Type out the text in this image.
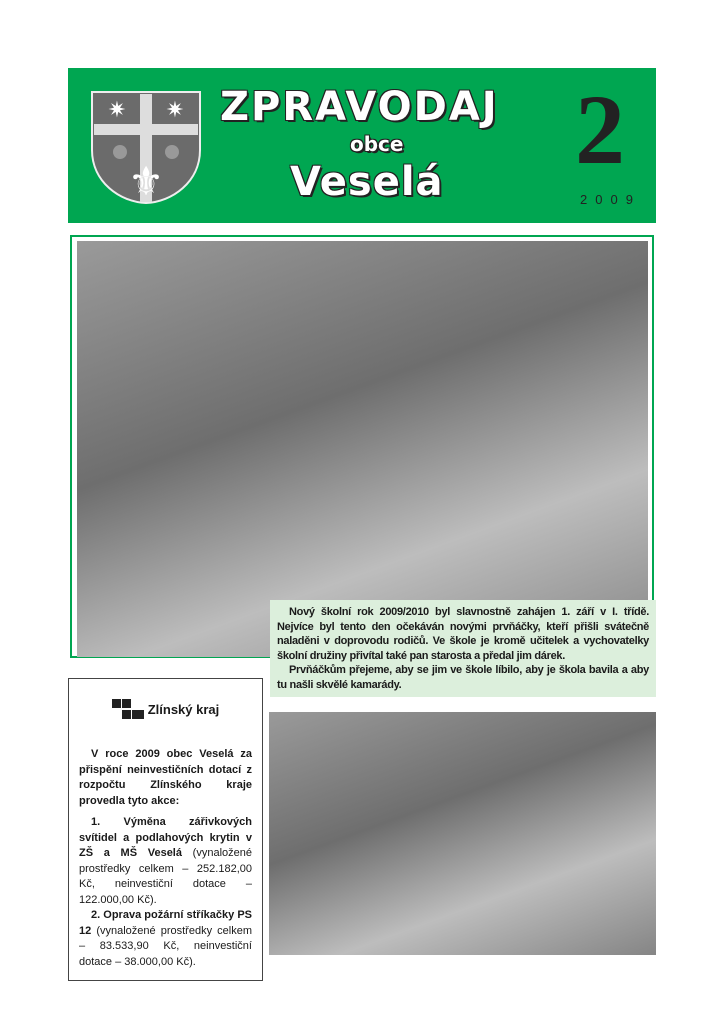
✷ ✷
⚜
ZPRAVODAJ
obce
Veselá 2
2009

Nový školní rok 2009/2010 byl slavnostně zahájen 1. září v I. třídě. Nejvíce byl tento den očekáván novými prvňáčky, kteří přišli svátečně naladěni v doprovodu rodičů. Ve škole je kromě učitelek a vychovatelky školní družiny přivítal také pan starosta a předal jim dárek.

Prvňáčkům přejeme, aby se jim ve škole líbilo, aby je škola bavila a aby tu našli skvělé kamarády.

Zlínský kraj

V roce 2009 obec Veselá za přispění neinvestičních dotací z rozpočtu Zlínského kraje provedla tyto akce:

1. Výměna zářivkových svítidel a podlahových krytin v ZŠ a MŠ Veselá (vynaložené prostředky celkem – 252.182,00 Kč, neinvestiční dotace – 122.000,00 Kč).

2. Oprava požární stříkačky PS 12 (vynaložené prostředky celkem – 83.533,90 Kč, neinvestiční dotace – 38.000,00 Kč).
